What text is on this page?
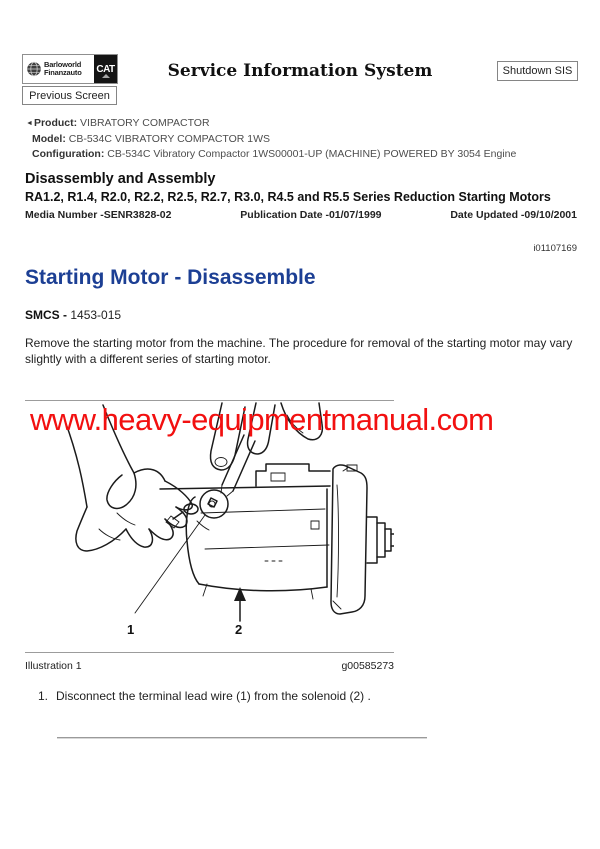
Barloworld
Finanzauto CAT	Service Information System	Shutdown SIS
Previous Screen
◄Product: VIBRATORY COMPACTOR
Model: CB-534C VIBRATORY COMPACTOR 1WS
Configuration: CB-534C Vibratory Compactor 1WS00001-UP (MACHINE) POWERED BY 3054 Engine
Disassembly and Assembly
RA1.2, R1.4, R2.0, R2.2, R2.5, R2.7, R3.0, R4.5 and R5.5 Series Reduction Starting Motors
Media Number -SENR3828-02	Publication Date -01/07/1999	Date Updated -09/10/2001
i01107169
Starting Motor - Disassemble
SMCS - 1453-015

Remove the starting motor from the machine. The procedure for removal of the starting motor may vary slightly with a different series of starting motor.

1	2
www.heavy-equipmentmanual.com
Illustration 1	g00585273
1. Disconnect the terminal lead wire (1) from the solenoid (2) .
